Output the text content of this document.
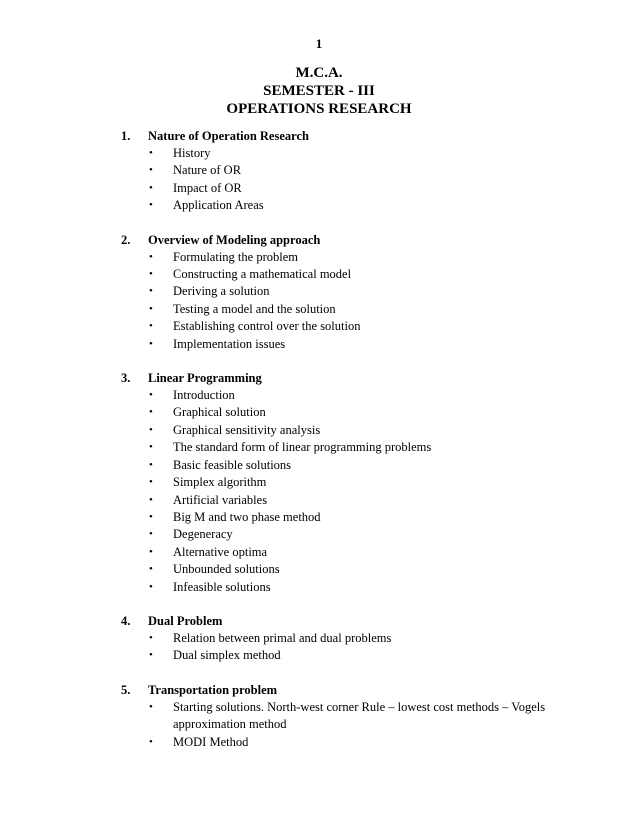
1
M.C.A.
SEMESTER - III
OPERATIONS RESEARCH
1.	Nature of Operation Research
•	History
•	Nature of OR
•	Impact of OR
•	Application Areas
2.	Overview of Modeling approach
•	Formulating the problem
•	Constructing a mathematical model
•	Deriving a solution
•	Testing a model and the solution
•	Establishing control over the solution
•	Implementation issues
3.	Linear Programming
•	Introduction
•	Graphical solution
•	Graphical sensitivity analysis
•	The standard form of linear programming problems
•	Basic feasible solutions
•	Simplex algorithm
•	Artificial variables
•	Big M and two phase method
•	Degeneracy
•	Alternative optima
•	Unbounded solutions
•	Infeasible solutions
4.	Dual Problem
•	Relation between primal and dual problems
•	Dual simplex method
5.	Transportation problem
•	Starting solutions. North-west corner Rule – lowest cost methods – Vogels approximation method
•	MODI Method
